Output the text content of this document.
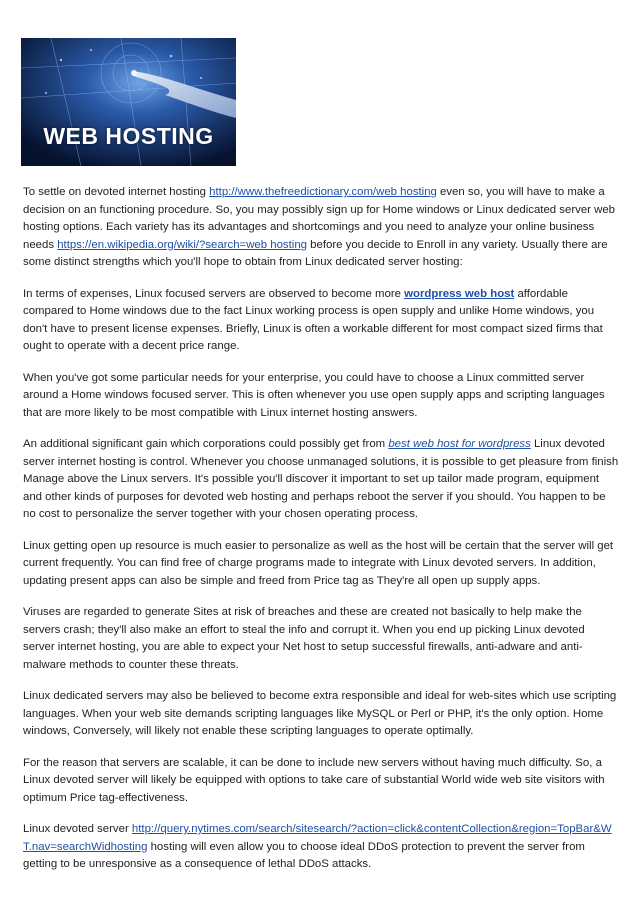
WEB HOSTING

To settle on devoted internet hosting http://www.thefreedictionary.com/web hosting even so, you will have to make a decision on an functioning procedure. So, you may possibly sign up for Home windows or Linux dedicated server web hosting options. Each variety has its advantages and shortcomings and you need to analyze your online business needs https://en.wikipedia.org/wiki/?search=web hosting before you decide to Enroll in any variety. Usually there are some distinct strengths which you'll hope to obtain from Linux dedicated server hosting:

In terms of expenses, Linux focused servers are observed to become more wordpress web host affordable compared to Home windows due to the fact Linux working process is open supply and unlike Home windows, you don't have to present license expenses. Briefly, Linux is often a workable different for most compact sized firms that ought to operate with a decent price range.

When you've got some particular needs for your enterprise, you could have to choose a Linux committed server around a Home windows focused server. This is often whenever you use open supply apps and scripting languages that are more likely to be most compatible with Linux internet hosting answers.

An additional significant gain which corporations could possibly get from best web host for wordpress Linux devoted server internet hosting is control. Whenever you choose unmanaged solutions, it is possible to get pleasure from finish Manage above the Linux servers. It's possible you'll discover it important to set up tailor made program, equipment and other kinds of purposes for devoted web hosting and perhaps reboot the server if you should. You happen to be no cost to personalize the server together with your chosen operating process.

Linux getting open up resource is much easier to personalize as well as the host will be certain that the server will get current frequently. You can find free of charge programs made to integrate with Linux devoted servers. In addition, updating present apps can also be simple and freed from Price tag as They're all open up supply apps.

Viruses are regarded to generate Sites at risk of breaches and these are created not basically to help make the servers crash; they'll also make an effort to steal the info and corrupt it. When you end up picking Linux devoted server internet hosting, you are able to expect your Net host to setup successful firewalls, anti-adware and anti-malware methods to counter these threats.

Linux dedicated servers may also be believed to become extra responsible and ideal for web-sites which use scripting languages. When your web site demands scripting languages like MySQL or Perl or PHP, it's the only option. Home windows, Conversely, will likely not enable these scripting languages to operate optimally.

For the reason that servers are scalable, it can be done to include new servers without having much difficulty. So, a Linux devoted server will likely be equipped with options to take care of substantial World wide web site visitors with optimum Price tag-effectiveness.

Linux devoted server http://query.nytimes.com/search/sitesearch/?action=click&contentCollection&region=TopBar&WT.nav=searchWidhosting hosting will even allow you to choose ideal DDoS protection to prevent the server from getting to be unresponsive as a consequence of lethal DDoS attacks.
